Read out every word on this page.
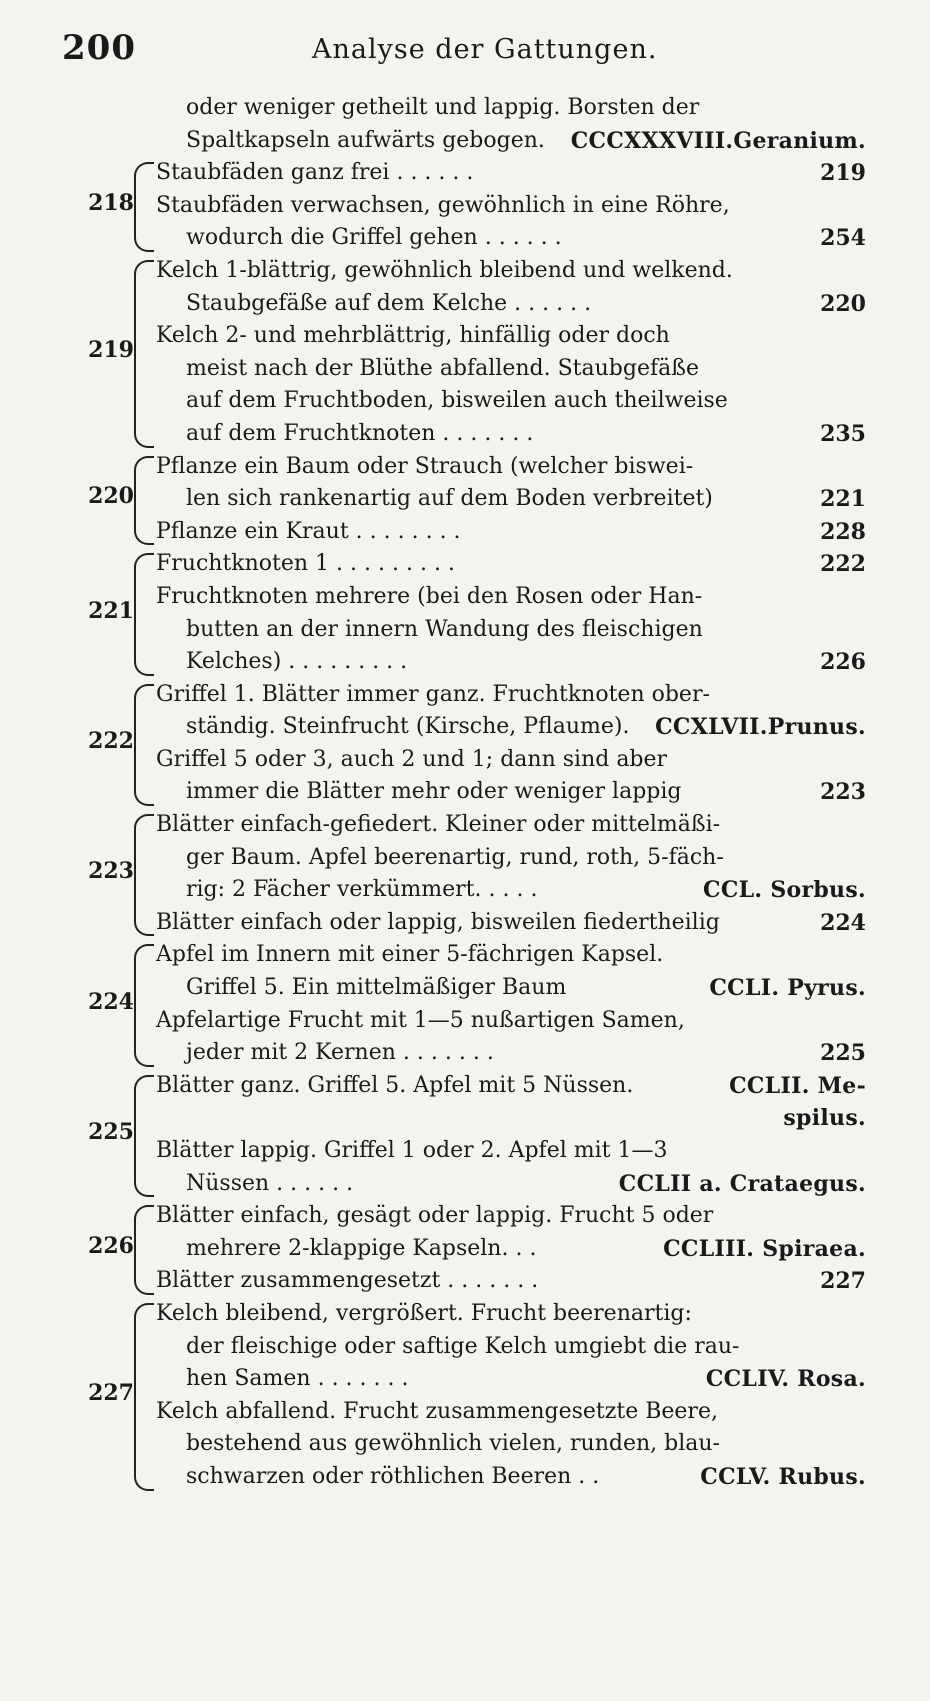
200	Analyse der Gattungen.
oder weniger getheilt und lappig. Borsten der
Spaltkapseln aufwärts gebogen. CCCXXXVIII.Geranium.
218
Staubfäden ganz frei . . . . . .	219
Staubfäden verwachsen, gewöhnlich in eine Röhre,
wodurch die Griffel gehen . . . . . .	254
219
Kelch 1-blättrig, gewöhnlich bleibend und welkend.
Staubgefäße auf dem Kelche . . . . . .	220
Kelch 2- und mehrblättrig, hinfällig oder doch
meist nach der Blüthe abfallend. Staubgefäße
auf dem Fruchtboden, bisweilen auch theilweise
auf dem Fruchtknoten . . . . . . .	235
220
Pflanze ein Baum oder Strauch (welcher biswei-
len sich rankenartig auf dem Boden verbreitet)	221
Pflanze ein Kraut . . . . . . . .	228
221
Fruchtknoten 1 . . . . . . . . .	222
Fruchtknoten mehrere (bei den Rosen oder Han-
butten an der innern Wandung des fleischigen
Kelches) . . . . . . . . .	226
222
Griffel 1. Blätter immer ganz. Fruchtknoten ober-
ständig. Steinfrucht (Kirsche, Pflaume). CCXLVII.Prunus.
Griffel 5 oder 3, auch 2 und 1; dann sind aber
immer die Blätter mehr oder weniger lappig	223
223
Blätter einfach-gefiedert. Kleiner oder mittelmäßi-
ger Baum. Apfel beerenartig, rund, roth, 5-fäch-
rig: 2 Fächer verkümmert. . . . .	CCL. Sorbus.
Blätter einfach oder lappig, bisweilen fiedertheilig	224
224
Apfel im Innern mit einer 5-fächrigen Kapsel.
Griffel 5. Ein mittelmäßiger Baum	CCLI. Pyrus.
Apfelartige Frucht mit 1—5 nußartigen Samen,
jeder mit 2 Kernen . . . . . . .	225
225
Blätter ganz. Griffel 5. Apfel mit 5 Nüssen.	CCLII. Me-
spilus.
Blätter lappig. Griffel 1 oder 2. Apfel mit 1—3
Nüssen . . . . . .	CCLII a. Crataegus.
226
Blätter einfach, gesägt oder lappig. Frucht 5 oder
mehrere 2-klappige Kapseln. . .	CCLIII. Spiraea.
Blätter zusammengesetzt . . . . . . .	227
227
Kelch bleibend, vergrößert. Frucht beerenartig:
der fleischige oder saftige Kelch umgiebt die rau-
hen Samen . . . . . . .	CCLIV. Rosa.
Kelch abfallend. Frucht zusammengesetzte Beere,
bestehend aus gewöhnlich vielen, runden, blau-
schwarzen oder röthlichen Beeren . .	CCLV. Rubus.
